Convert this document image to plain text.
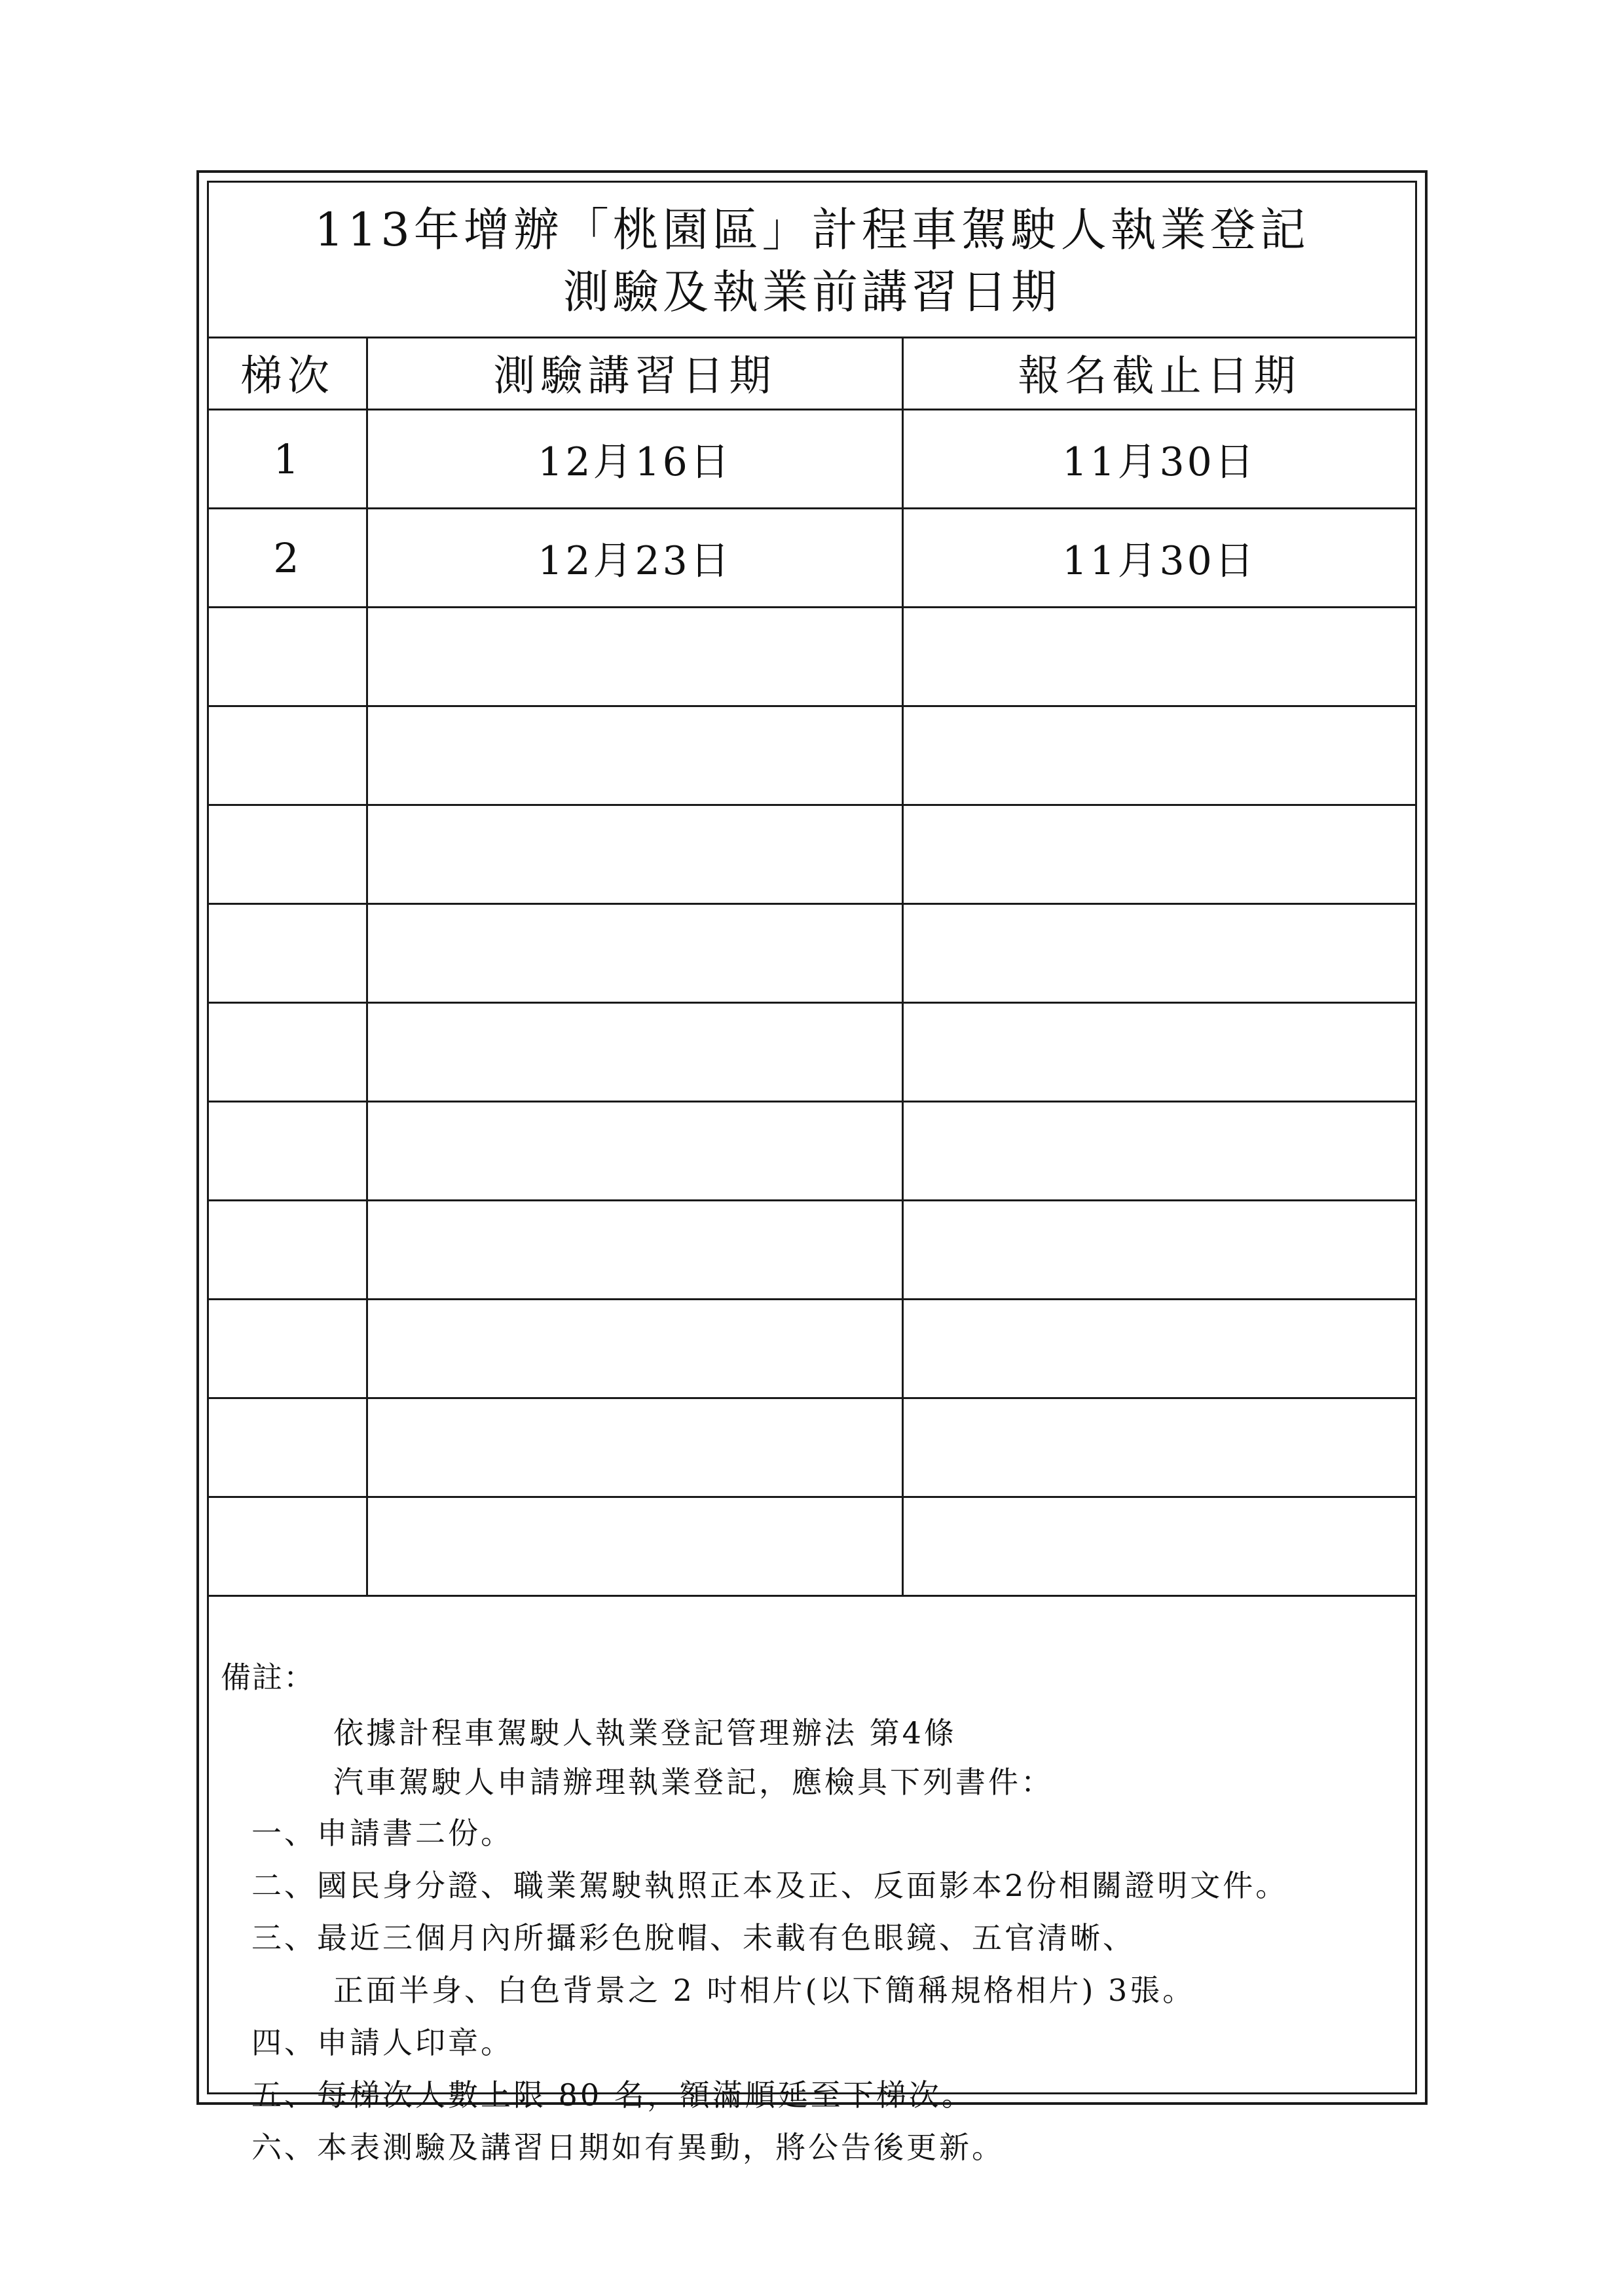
113年增辦「桃園區」計程車駕駛人執業登記
測驗及執業前講習日期
梯次	測驗講習日期	報名截止日期
1	12月16日	11月30日
2	12月23日	11月30日
備註：
依據計程車駕駛人執業登記管理辦法 第4條
汽車駕駛人申請辦理執業登記，應檢具下列書件：
一、申請書二份。
二、國民身分證、職業駕駛執照正本及正、反面影本2份相關證明文件。
三、最近三個月內所攝彩色脫帽、未載有色眼鏡、五官清晰、
正面半身、白色背景之 2 吋相片(以下簡稱規格相片) 3張。
四、申請人印章。
五、每梯次人數上限 80 名，額滿順延至下梯次。
六、本表測驗及講習日期如有異動，將公告後更新。
